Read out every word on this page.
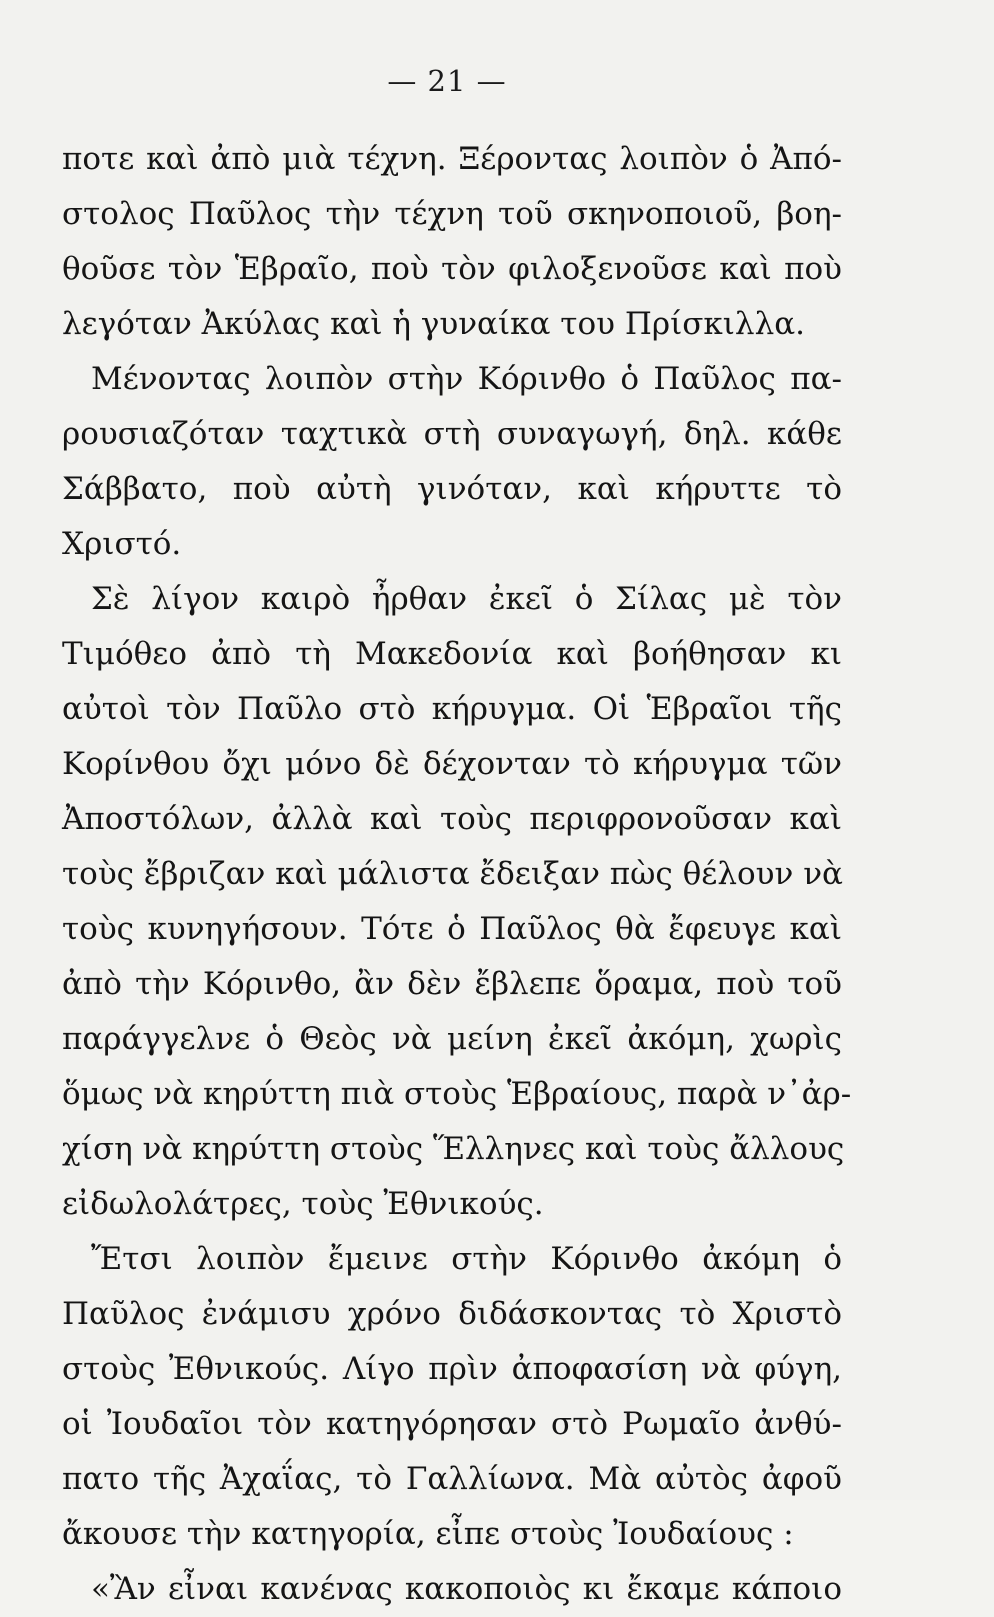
— 21 —
ποτε καὶ ἀπὸ μιὰ τέχνη. Ξέροντας λοιπὸν ὁ Ἀπό-
στολος Παῦλος τὴν τέχνη τοῦ σκηνοποιοῦ, βοη-
θοῦσε τὸν Ἑβραῖο, ποὺ τὸν φιλοξενοῦσε καὶ ποὺ
λεγόταν Ἀκύλας καὶ ἡ γυναίκα του Πρίσκιλλα.
Μένοντας λοιπὸν στὴν Κόρινθο ὁ Παῦλος πα-
ρουσιαζόταν ταχτικὰ στὴ συναγωγή, δηλ. κάθε
Σάββατο, ποὺ αὐτὴ γινόταν, καὶ κήρυττε τὸ
Χριστό.
Σὲ λίγον καιρὸ ἦρθαν ἐκεῖ ὁ Σίλας μὲ τὸν
Τιμόθεο ἀπὸ τὴ Μακεδονία καὶ βοήθησαν κι
αὐτοὶ τὸν Παῦλο στὸ κήρυγμα. Οἱ Ἑβραῖοι τῆς
Κορίνθου ὄχι μόνο δὲ δέχονταν τὸ κήρυγμα τῶν
Ἀποστόλων, ἀλλὰ καὶ τοὺς περιφρονοῦσαν καὶ
τοὺς ἔβριζαν καὶ μάλιστα ἔδειξαν πὼς θέλουν νὰ
τοὺς κυνηγήσουν. Τότε ὁ Παῦλος θὰ ἔφευγε καὶ
ἀπὸ τὴν Κόρινθο, ἂν δὲν ἔβλεπε ὅραμα, ποὺ τοῦ
παράγγελνε ὁ Θεὸς νὰ μείνη ἐκεῖ ἀκόμη, χωρὶς
ὅμως νὰ κηρύττη πιὰ στοὺς Ἑβραίους, παρὰ ν᾿ἀρ-
χίση νὰ κηρύττη στοὺς Ἕλληνες καὶ τοὺς ἄλλους
εἰδωλολάτρες, τοὺς Ἐθνικούς.
Ἔτσι λοιπὸν ἔμεινε στὴν Κόρινθο ἀκόμη ὁ
Παῦλος ἐνάμισυ χρόνο διδάσκοντας τὸ Χριστὸ
στοὺς Ἐθνικούς. Λίγο πρὶν ἀποφασίση νὰ φύγη,
οἱ Ἰουδαῖοι τὸν κατηγόρησαν στὸ Ρωμαῖο ἀνθύ-
πατο τῆς Ἀχαΐας, τὸ Γαλλίωνα. Μὰ αὐτὸς ἀφοῦ
ἄκουσε τὴν κατηγορία, εἶπε στοὺς Ἰουδαίους :
«Ἂν εἶναι κανένας κακοποιὸς κι ἔκαμε κάποιο
